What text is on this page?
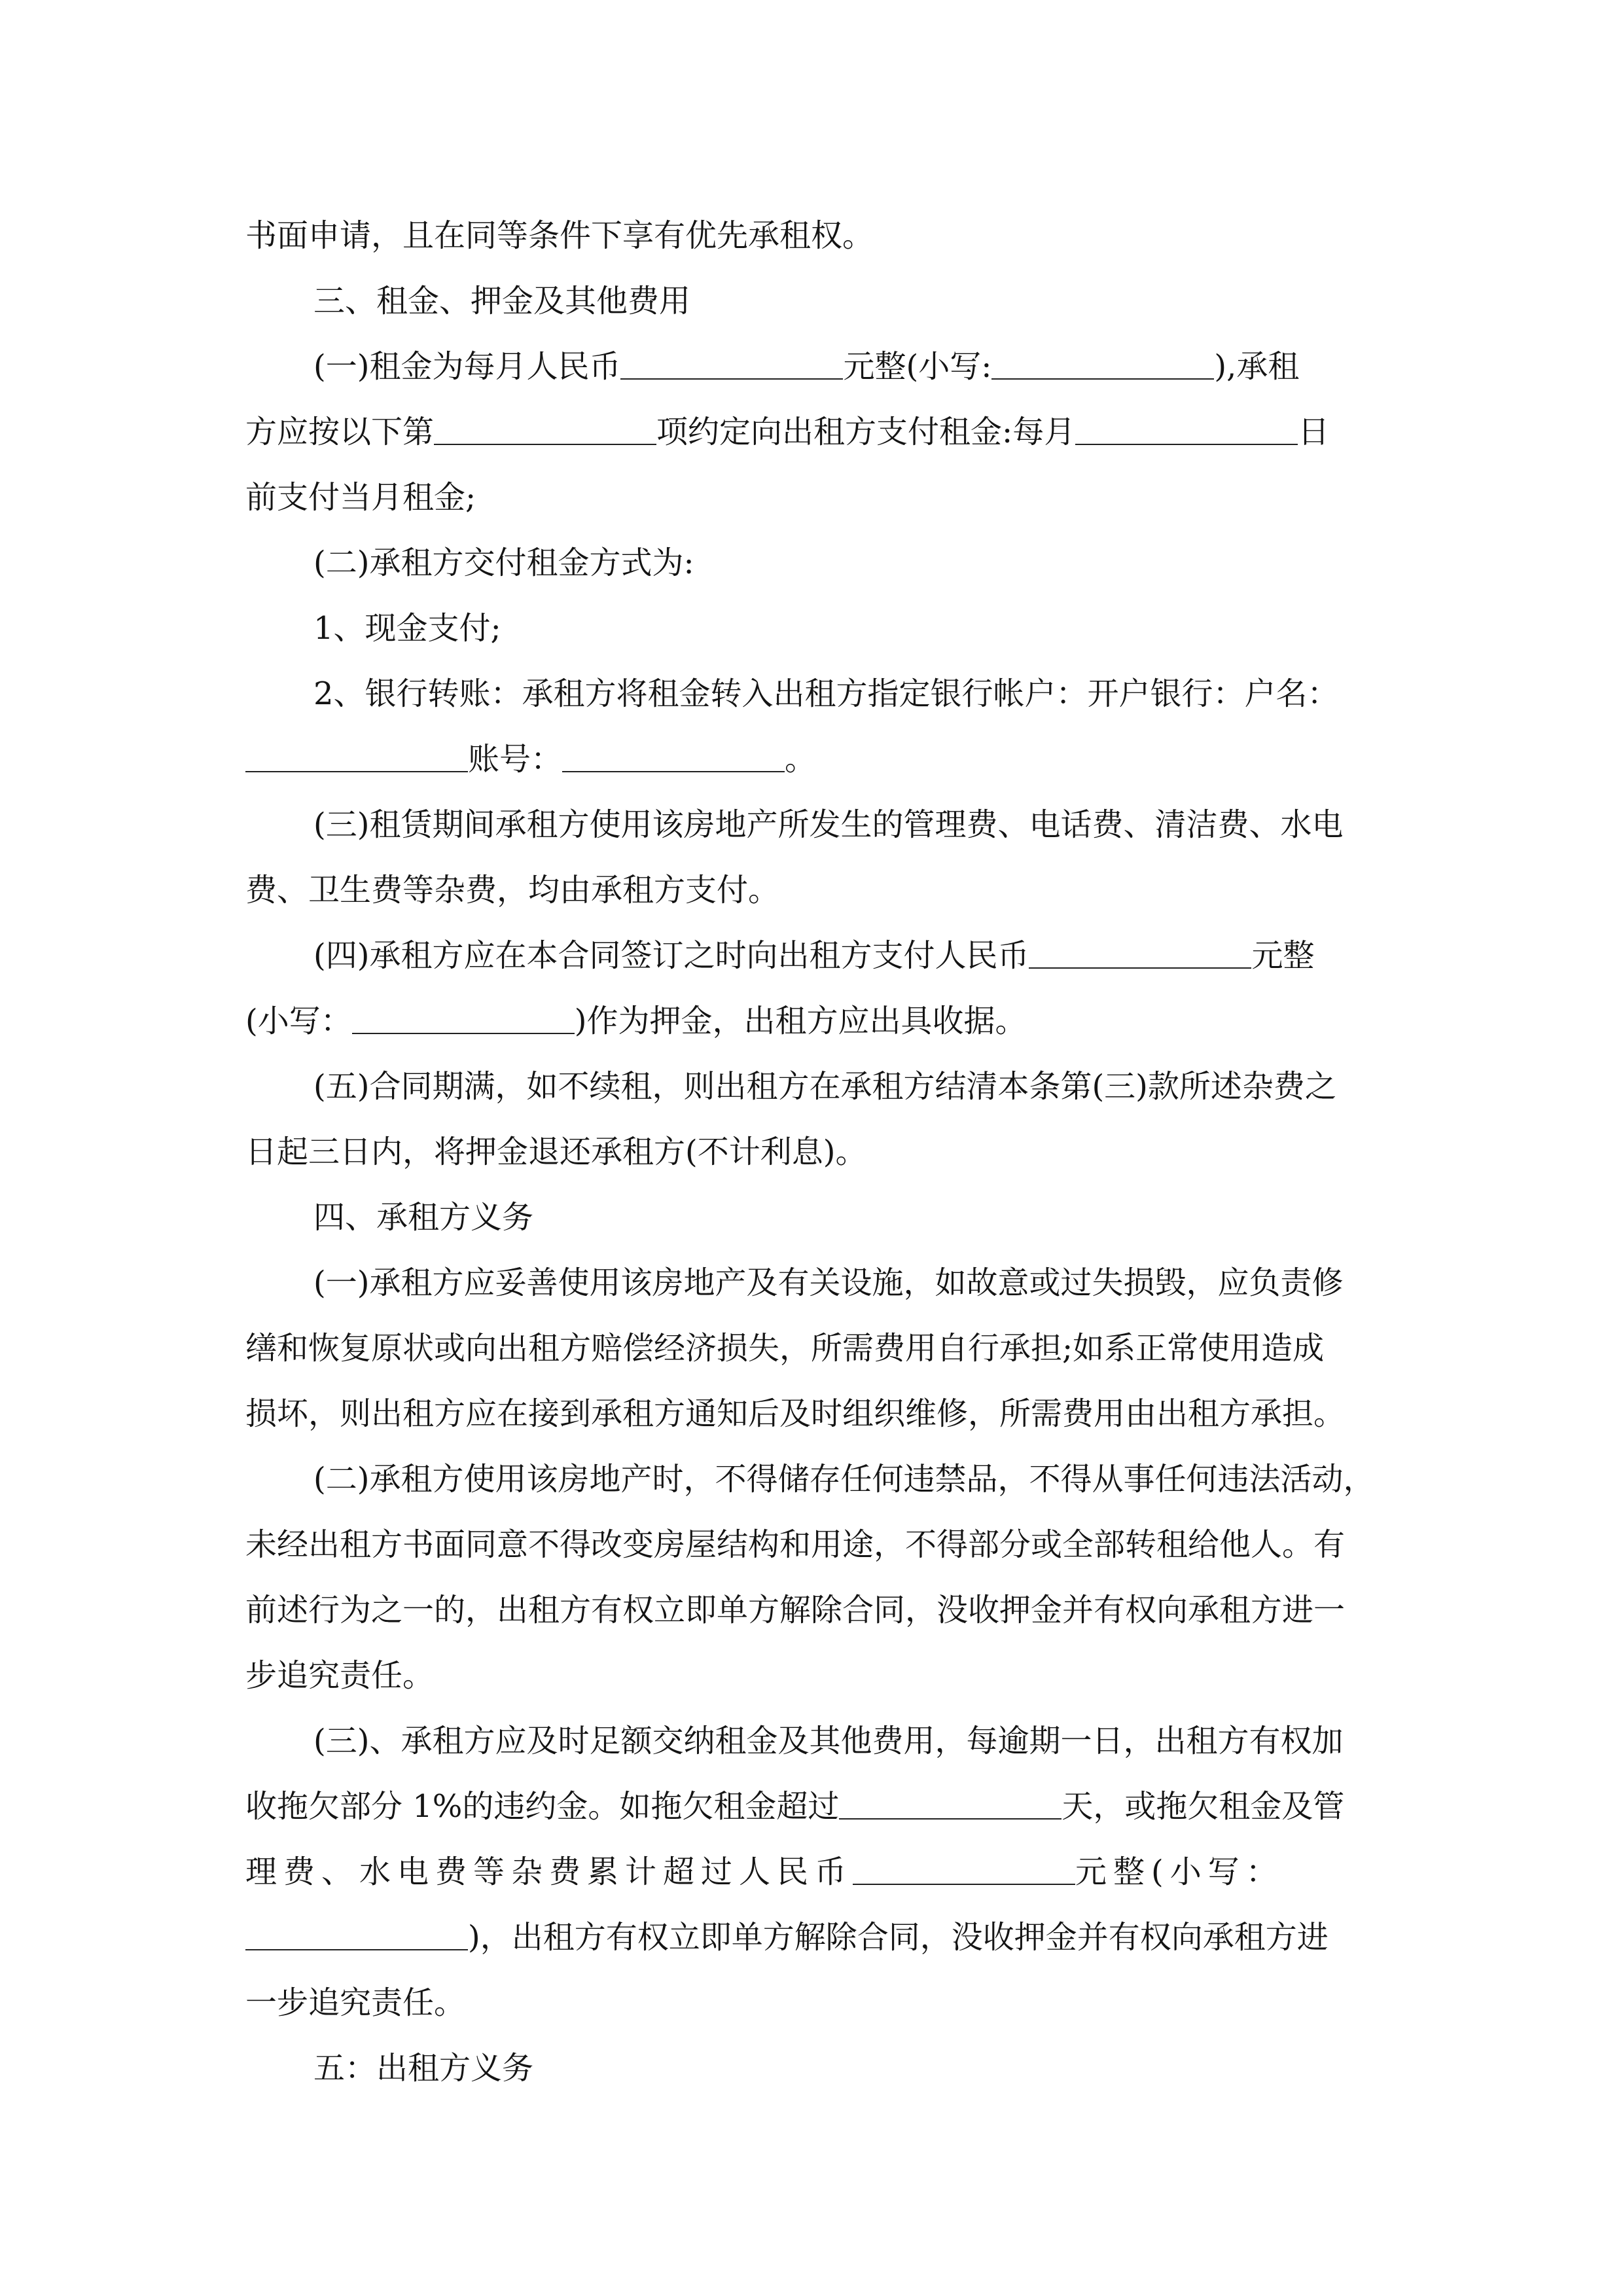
书面申请，且在同等条件下享有优先承租权。
三、租金、押金及其他费用
(一)租金为每月人民币	元整(小写:	),承租
方应按以下第	项约定向出租方支付租金:每月	日
前支付当月租金;
(二)承租方交付租金方式为:
1、现金支付;
2、银行转账：承租方将租金转入出租方指定银行帐户：开户银行：户名：
账号：	。
(三)租赁期间承租方使用该房地产所发生的管理费、电话费、清洁费、水电
费、卫生费等杂费，均由承租方支付。
(四)承租方应在本合同签订之时向出租方支付人民币	元整
(小写：	)作为押金，出租方应出具收据。
(五)合同期满，如不续租，则出租方在承租方结清本条第(三)款所述杂费之
日起三日内，将押金退还承租方(不计利息)。
四、承租方义务
(一)承租方应妥善使用该房地产及有关设施，如故意或过失损毁，应负责修
缮和恢复原状或向出租方赔偿经济损失，所需费用自行承担;如系正常使用造成
损坏，则出租方应在接到承租方通知后及时组织维修，所需费用由出租方承担。
(二)承租方使用该房地产时，不得储存任何违禁品，不得从事任何违法活动，
未经出租方书面同意不得改变房屋结构和用途，不得部分或全部转租给他人。有
前述行为之一的，出租方有权立即单方解除合同，没收押金并有权向承租方进一
步追究责任。
(三)、承租方应及时足额交纳租金及其他费用，每逾期一日，出租方有权加
收拖欠部分 1%的违约金。如拖欠租金超过	天，或拖欠租金及管
理费、水电费等杂费累计超过人民币	元整(小写：
)，出租方有权立即单方解除合同，没收押金并有权向承租方进
一步追究责任。
五：出租方义务
